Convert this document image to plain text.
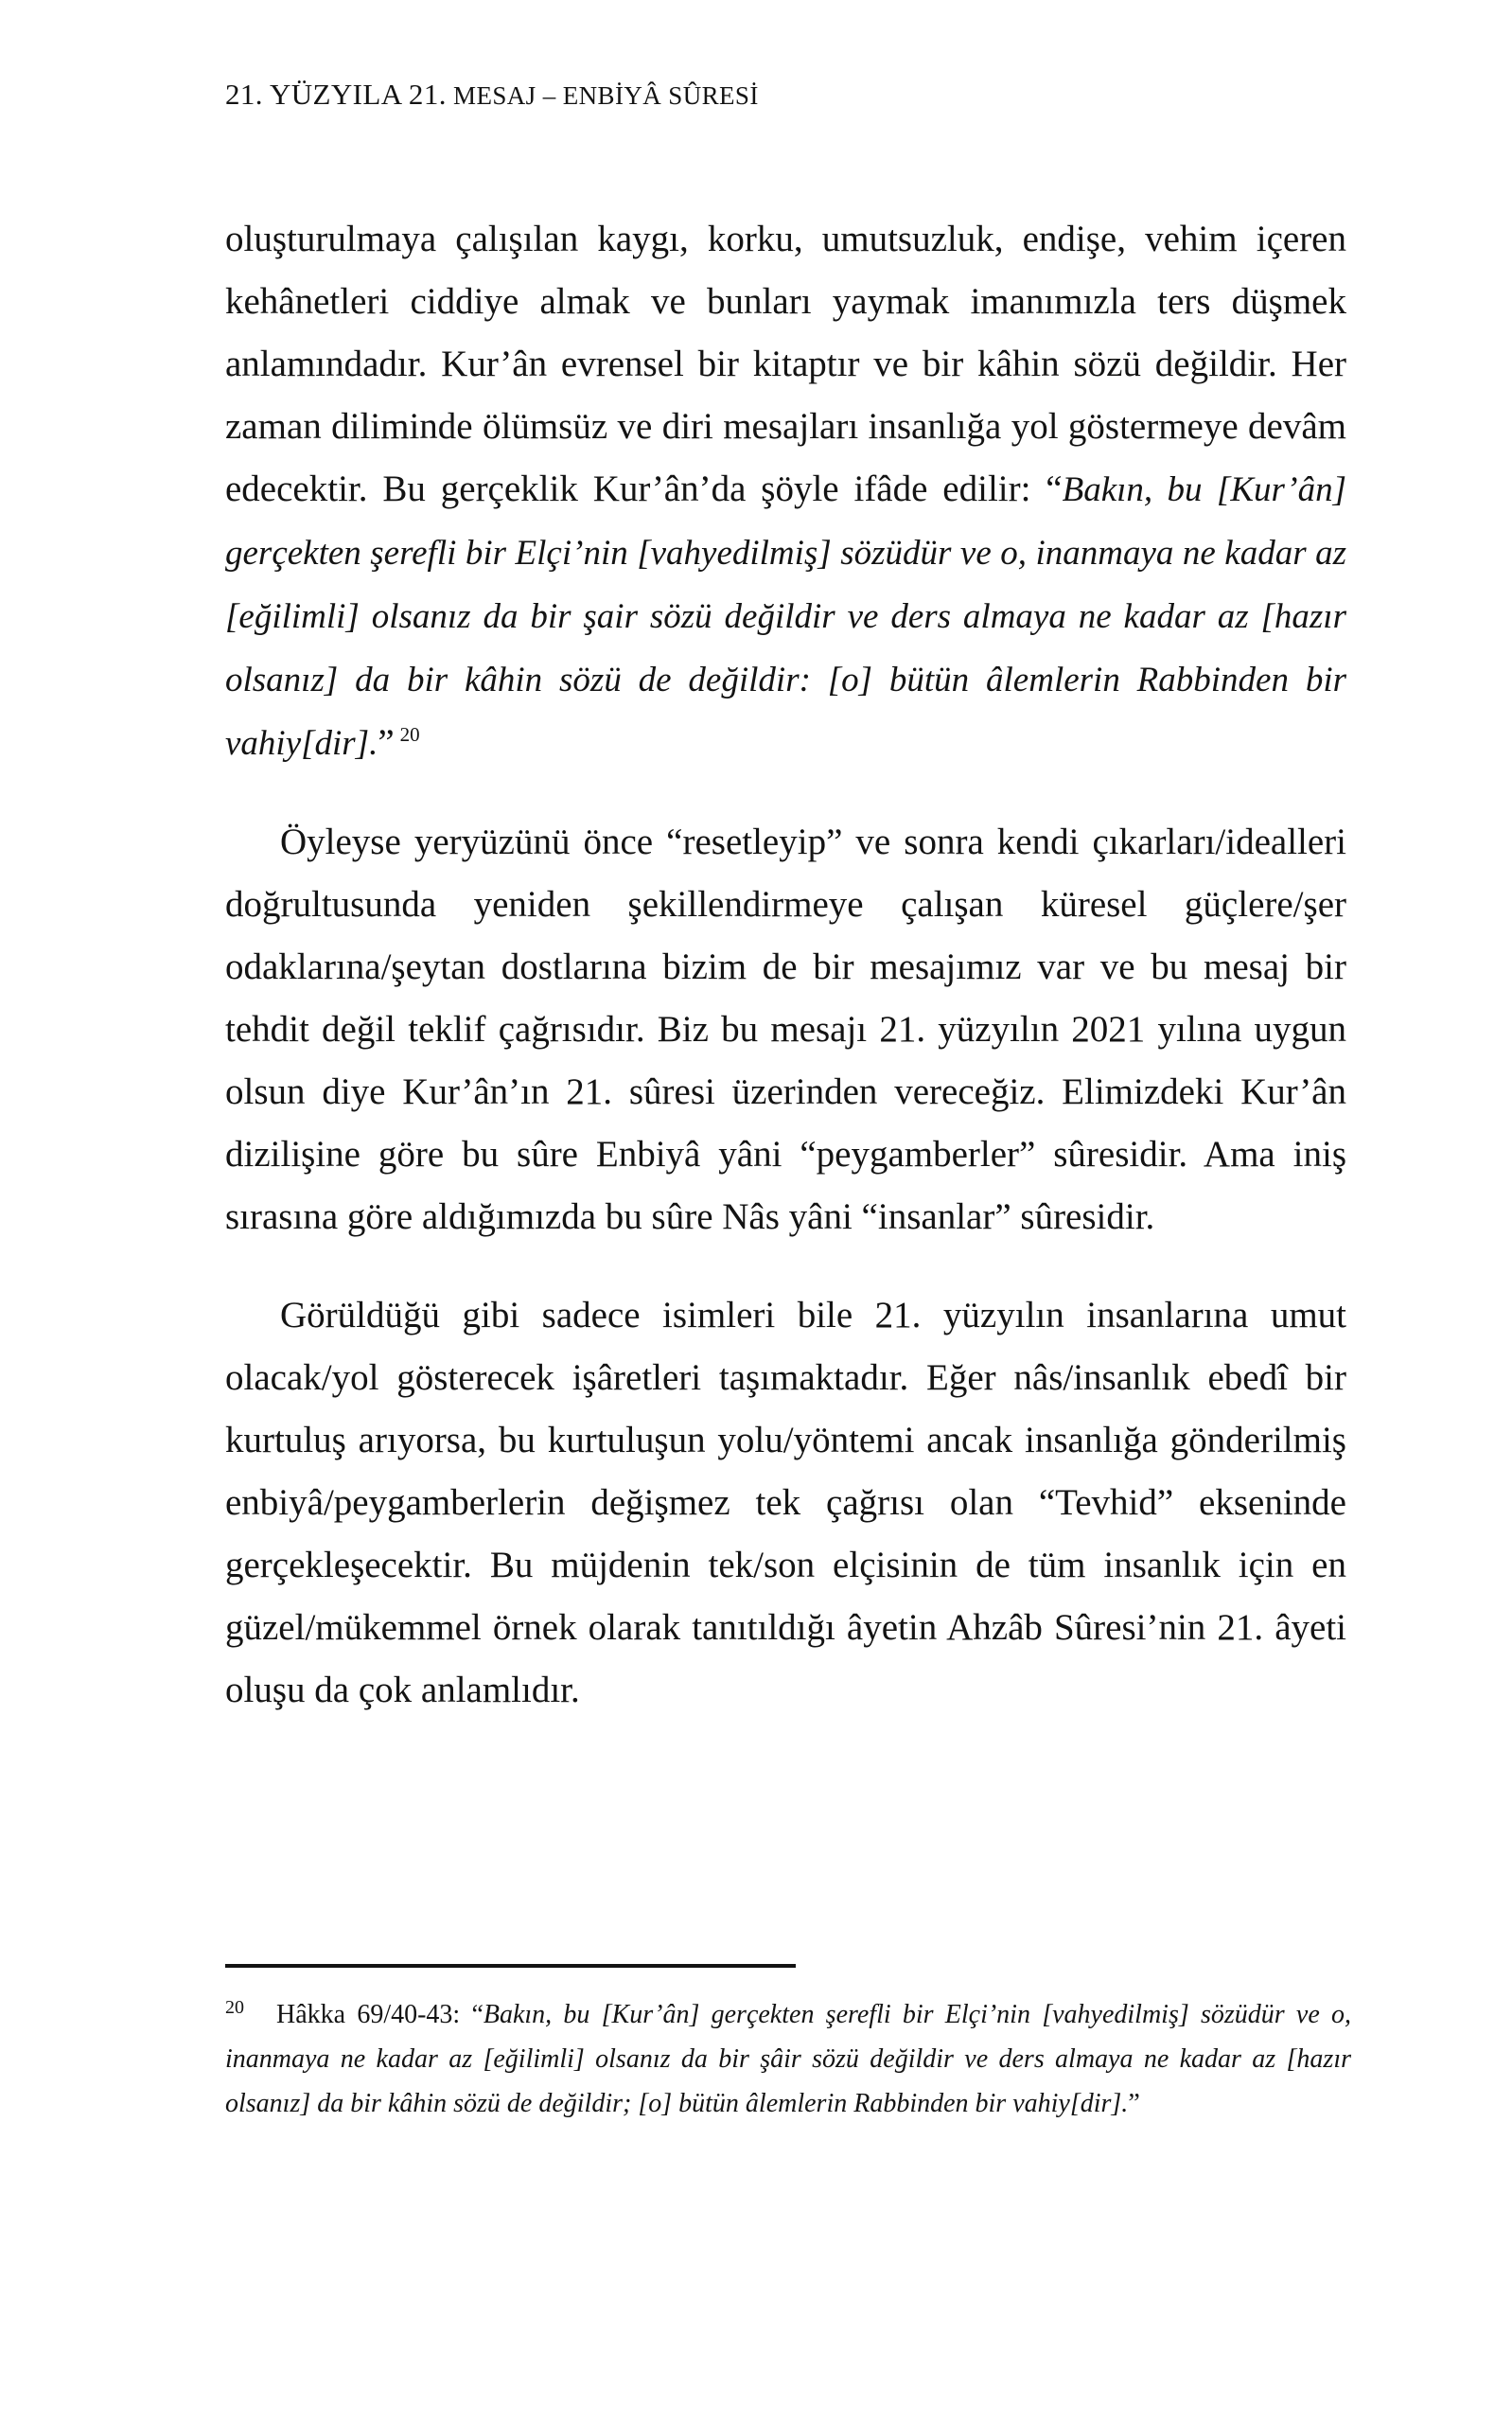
21. YÜZYILA 21. MESAJ – ENBİYÂ SÛRESİ

oluşturulmaya çalışılan kaygı, korku, umutsuzluk, endişe, vehim içeren kehânetleri ciddiye almak ve bunları yaymak imanımızla ters düşmek anlamındadır. Kur’ân evrensel bir kitaptır ve bir kâhin sözü değildir. Her zaman diliminde ölümsüz ve diri mesajları insanlığa yol göstermeye devâm edecektir. Bu gerçeklik Kur’ân’da şöyle ifâde edilir: “Bakın, bu [Kur’ân] gerçekten şerefli bir Elçi’nin [vahyedilmiş] sözüdür ve o, inanmaya ne kadar az [eğilimli] olsanız da bir şair sözü değildir ve ders almaya ne kadar az [hazır olsanız] da bir kâhin sözü de değildir: [o] bütün âlemlerin Rabbinden bir vahiy[dir].” $^{20}$

Öyleyse yeryüzünü önce “resetleyip” ve sonra kendi çıkarları/idealleri doğrultusunda yeniden şekillendirmeye çalışan küresel güçlere/şer odaklarına/şeytan dostlarına bizim de bir mesajımız var ve bu mesaj bir tehdit değil teklif çağrısıdır. Biz bu mesajı 21. yüzyılın 2021 yılına uygun olsun diye Kur’ân’ın 21. sûresi üzerinden vereceğiz. Elimizdeki Kur’ân dizilişine göre bu sûre Enbiyâ yâni “peygamberler” sûresidir. Ama iniş sırasına göre aldığımızda bu sûre Nâs yâni “insanlar” sûresidir.

Görüldüğü gibi sadece isimleri bile 21. yüzyılın insanlarına umut olacak/yol gösterecek işâretleri taşımaktadır. Eğer nâs/insanlık ebedî bir kurtuluş arıyorsa, bu kurtuluşun yolu/yöntemi ancak insanlığa gönderilmiş enbiyâ/peygamberlerin değişmez tek çağrısı olan “Tevhid” ekseninde gerçekleşecektir. Bu müjdenin tek/son elçisinin de tüm insanlık için en güzel/mükemmel örnek olarak tanıtıldığı âyetin Ahzâb Sûresi’nin 21. âyeti oluşu da çok anlamlıdır.

$^{20}$ Hâkka 69/40-43: “Bakın, bu [Kur’ân] gerçekten şerefli bir Elçi’nin [vahyedilmiş] sözüdür ve o, inanmaya ne kadar az [eğilimli] olsanız da bir şâir sözü değildir ve ders almaya ne kadar az [hazır olsanız] da bir kâhin sözü de değildir; [o] bütün âlemlerin Rabbinden bir vahiy[dir].”
